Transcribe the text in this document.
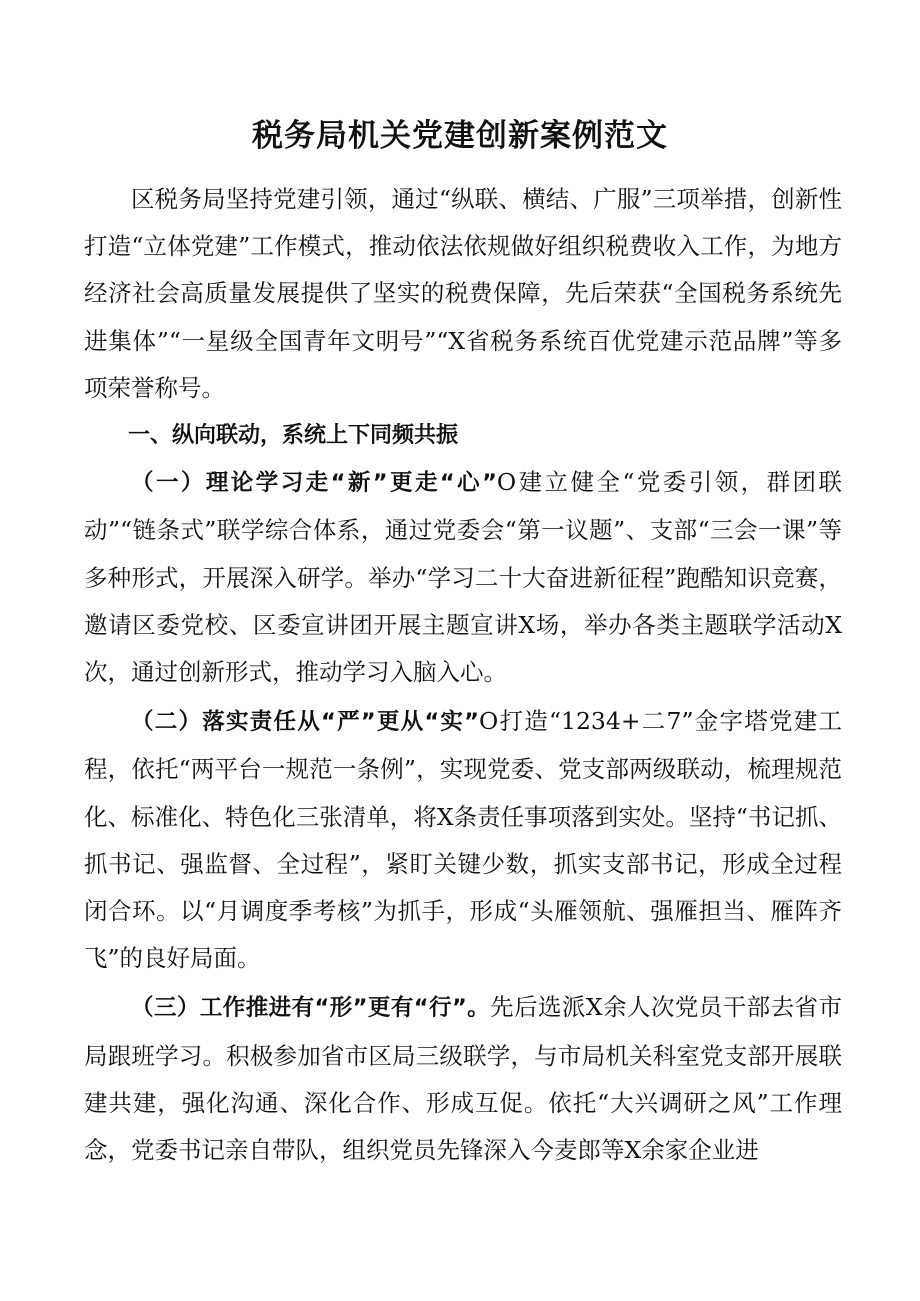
税务局机关党建创新案例范文

区税务局坚持党建引领，通过“纵联、横结、广服”三项举措，创新性打造“立体党建”工作模式，推动依法依规做好组织税费收入工作，为地方经济社会高质量发展提供了坚实的税费保障，先后荣获“全国税务系统先进集体”“一星级全国青年文明号”“X省税务系统百优党建示范品牌”等多项荣誉称号。

一、纵向联动，系统上下同频共振

（一）理论学习走“新”更走“心”O建立健全“党委引领，群团联动”“链条式”联学综合体系，通过党委会“第一议题”、支部“三会一课”等多种形式，开展深入研学。举办“学习二十大奋进新征程”跑酷知识竞赛，邀请区委党校、区委宣讲团开展主题宣讲X场，举办各类主题联学活动X次，通过创新形式，推动学习入脑入心。

（二）落实责任从“严”更从“实”O打造“1234+二7”金字塔党建工程，依托“两平台一规范一条例”，实现党委、党支部两级联动，梳理规范化、标准化、特色化三张清单，将X条责任事项落到实处。坚持“书记抓、抓书记、强监督、全过程”，紧盯关键少数，抓实支部书记，形成全过程闭合环。以“月调度季考核”为抓手，形成“头雁领航、强雁担当、雁阵齐飞”的良好局面。

（三）工作推进有“形”更有“行”。先后选派X余人次党员干部去省市局跟班学习。积极参加省市区局三级联学，与市局机关科室党支部开展联建共建，强化沟通、深化合作、形成互促。依托“大兴调研之风”工作理念，党委书记亲自带队，组织党员先锋深入今麦郎等X余家企业进
